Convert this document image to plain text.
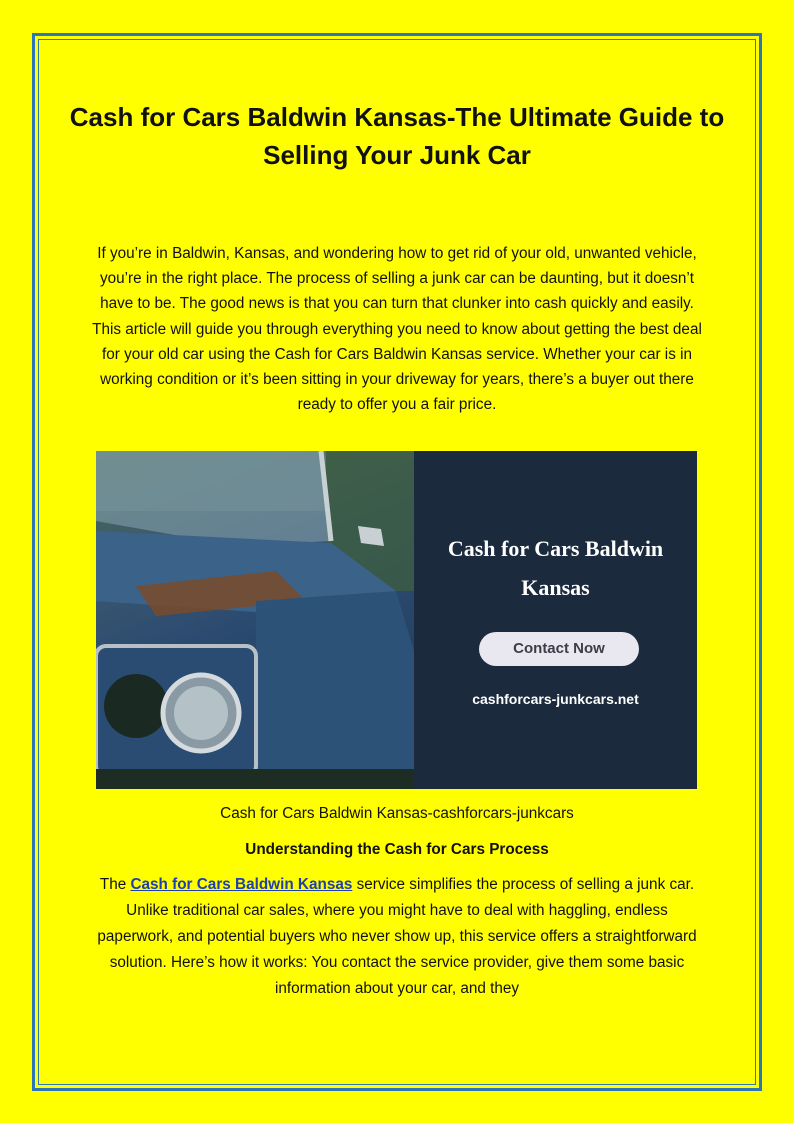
Cash for Cars Baldwin Kansas-The Ultimate Guide to Selling Your Junk Car

If you’re in Baldwin, Kansas, and wondering how to get rid of your old, unwanted vehicle, you’re in the right place. The process of selling a junk car can be daunting, but it doesn’t have to be. The good news is that you can turn that clunker into cash quickly and easily. This article will guide you through everything you need to know about getting the best deal for your old car using the Cash for Cars Baldwin Kansas service. Whether your car is in working condition or it’s been sitting in your driveway for years, there’s a buyer out there ready to offer you a fair price.

Cash for Cars Baldwin Kansas
Contact Now
cashforcars-junkcars.net

Cash for Cars Baldwin Kansas-cashforcars-junkcars

Understanding the Cash for Cars Process

The Cash for Cars Baldwin Kansas service simplifies the process of selling a junk car. Unlike traditional car sales, where you might have to deal with haggling, endless paperwork, and potential buyers who never show up, this service offers a straightforward solution. Here’s how it works: You contact the service provider, give them some basic information about your car, and they
